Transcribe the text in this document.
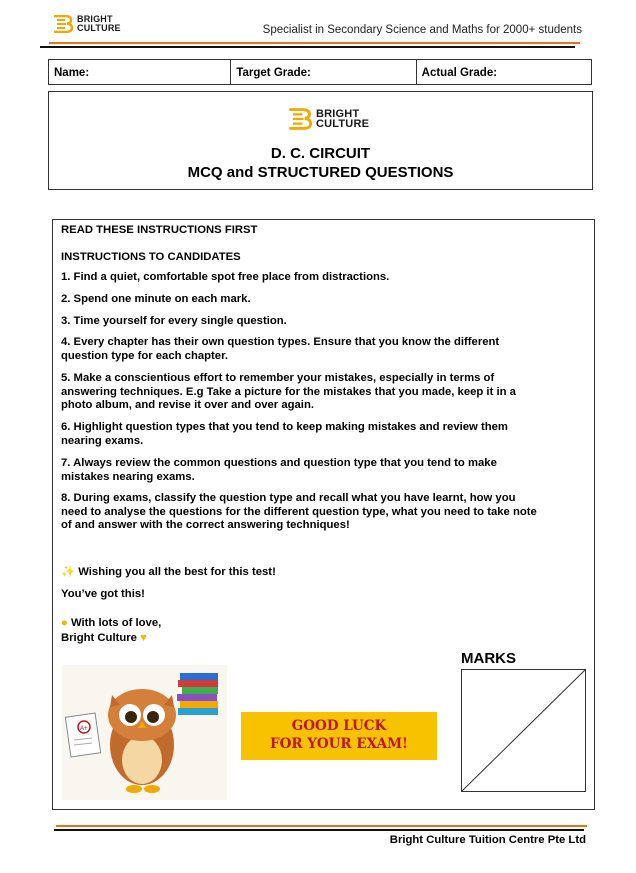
BRIGHT
CULTURE	Specialist in Secondary Science and Maths for 2000+ students
Name:	Target Grade:	Actual Grade:
BRIGHT
CULTURE
D. C. CIRCUIT
MCQ and STRUCTURED QUESTIONS
READ THESE INSTRUCTIONS FIRST
INSTRUCTIONS TO CANDIDATES
1. Find a quiet, comfortable spot free place from distractions.
2. Spend one minute on each mark.
3. Time yourself for every single question.
4. Every chapter has their own question types. Ensure that you know the different question type for each chapter.
5. Make a conscientious effort to remember your mistakes, especially in terms of answering techniques. E.g Take a picture for the mistakes that you made, keep it in a photo album, and revise it over and over again.
6. Highlight question types that you tend to keep making mistakes and review them nearing exams.
7. Always review the common questions and question type that you tend to make mistakes nearing exams.
8. During exams, classify the question type and recall what you have learnt, how you need to analyse the questions for the different question type, what you need to take note of and answer with the correct answering techniques!
✨ Wishing you all the best for this test!
You’ve got this!
● With lots of love,
Bright Culture ♥
A+	GOOD LUCK
FOR YOUR EXAM!
MARKS
Bright Culture Tuition Centre Pte Ltd
